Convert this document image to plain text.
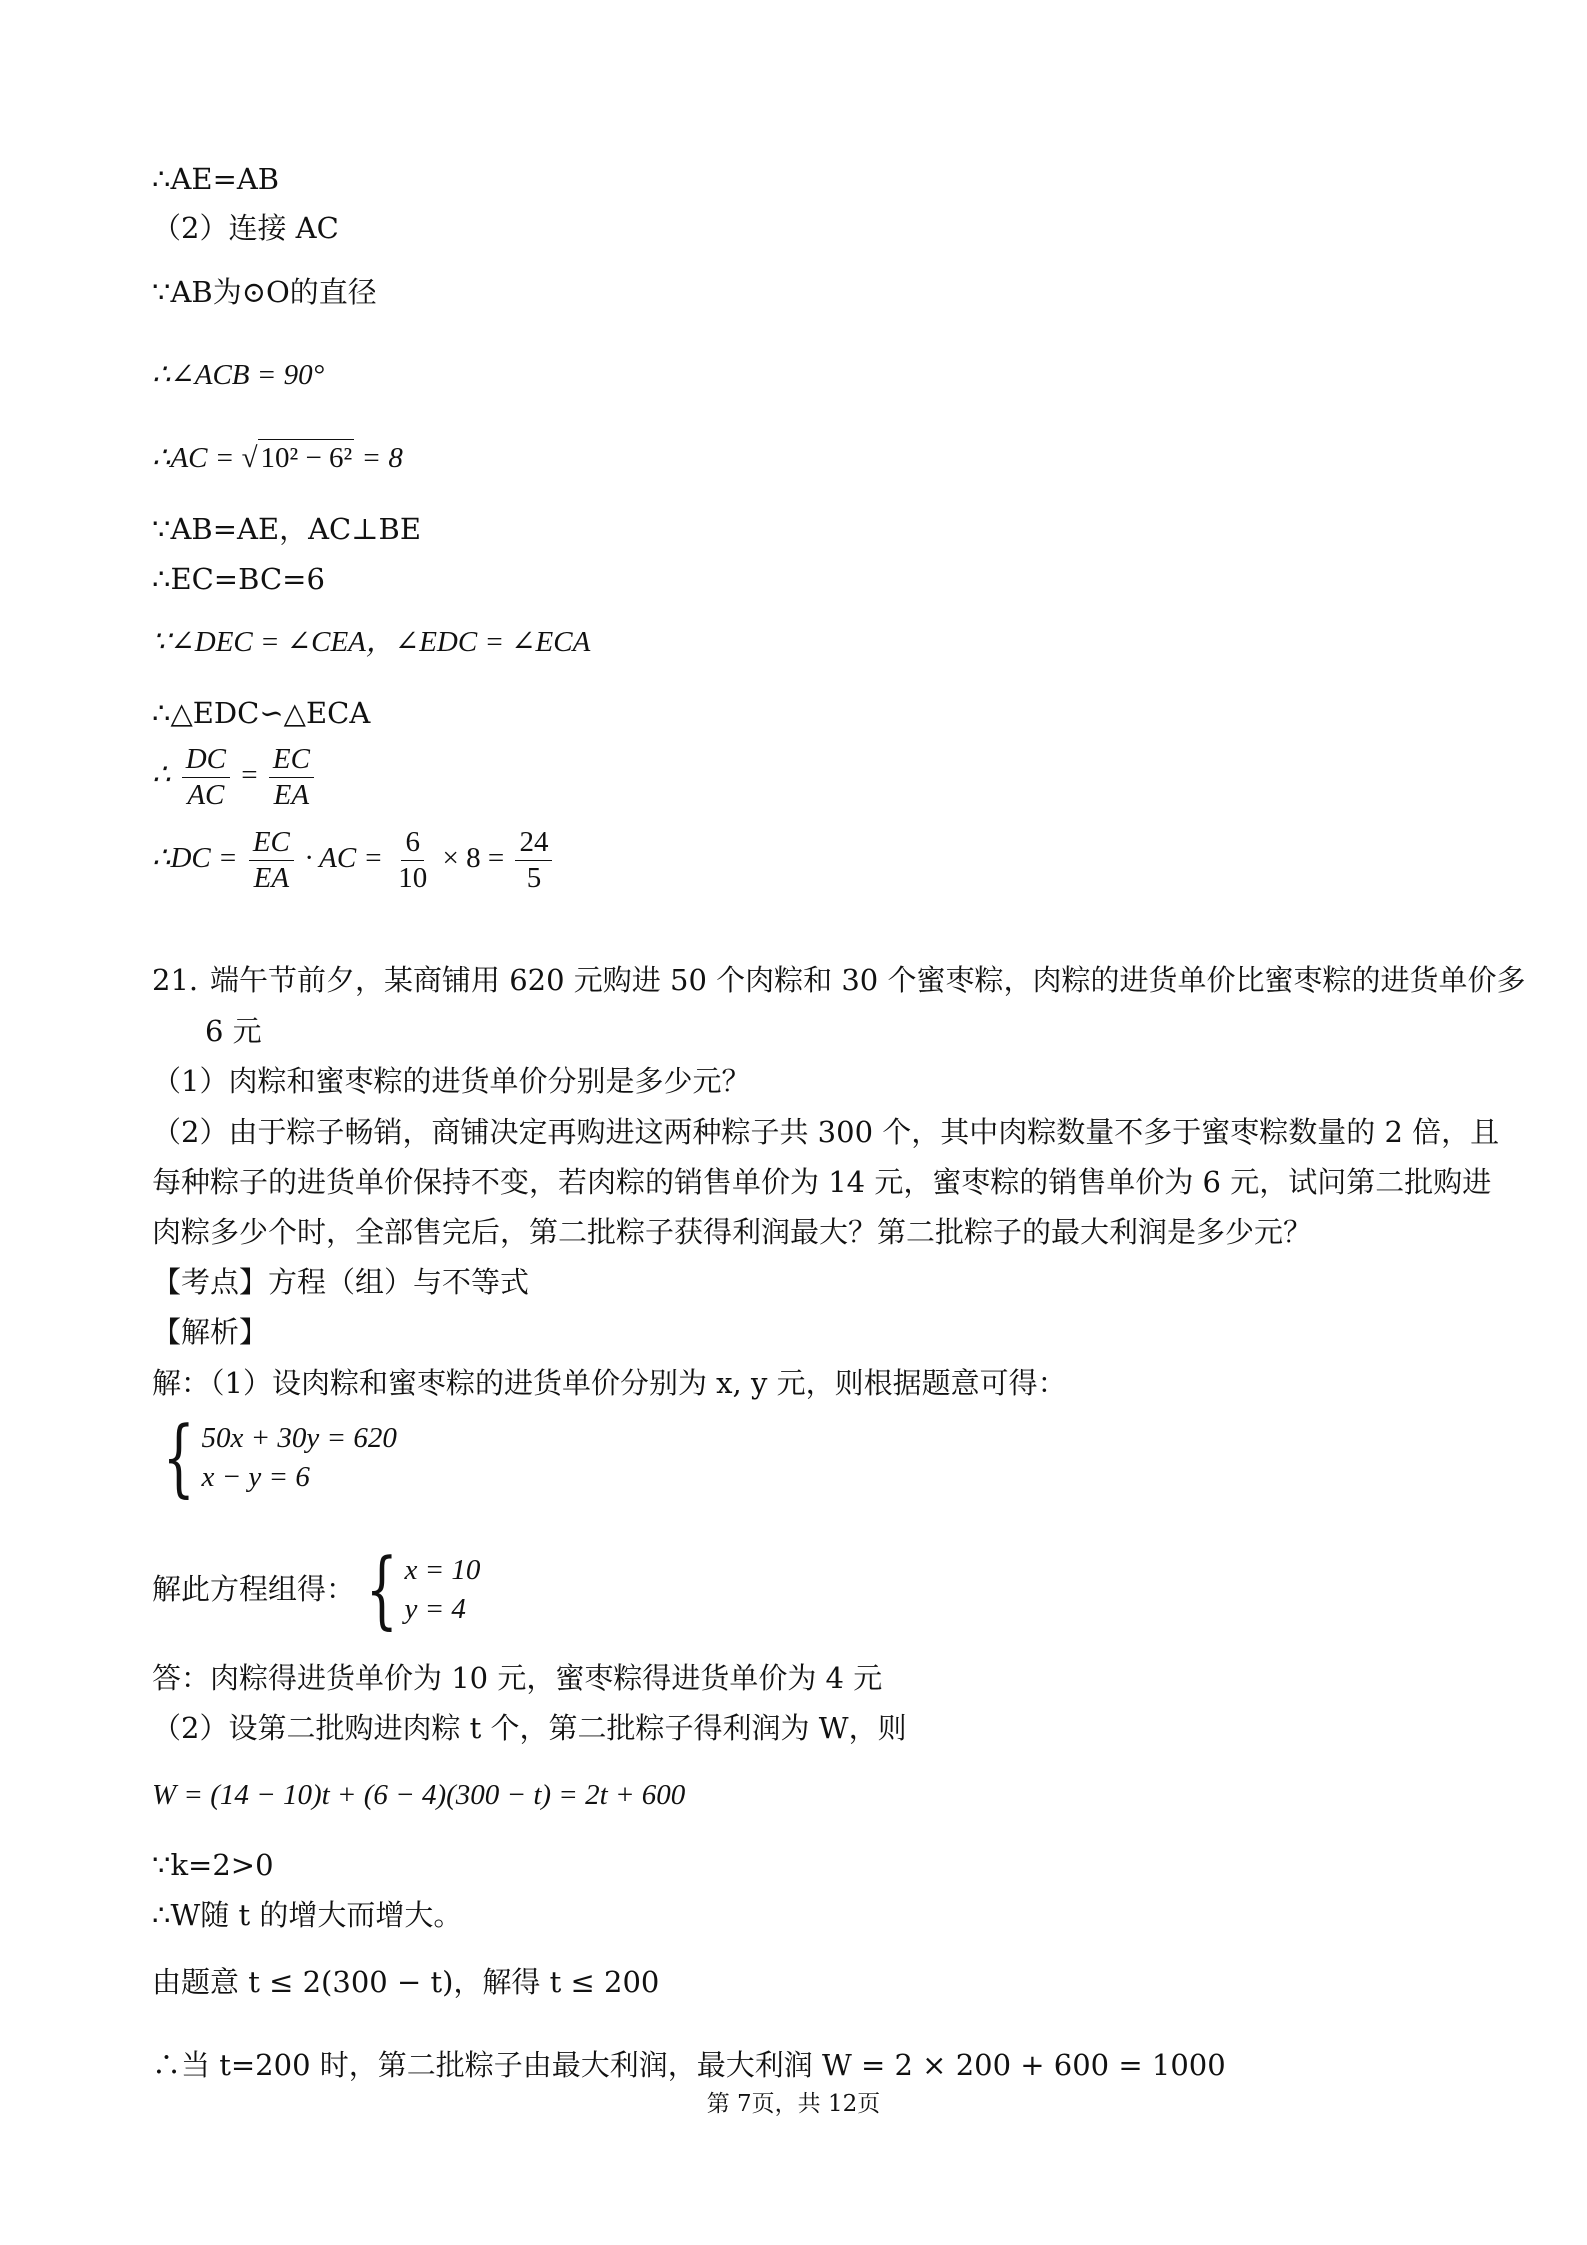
∴AE=AB
（2）连接 AC
∵AB为⊙O的直径
∴∠ACB = 90°
∴AC = √ 10² − 6² = 8
∵AB=AE，AC⊥BE
∴EC=BC=6
∵∠DEC = ∠CEA，∠EDC = ∠ECA
∴△EDC∽△ECA
∴ $\frac{DC}{AC} = \frac{EC}{EA}$
∴DC = $\frac{EC}{EA}$ · AC = $\frac{6}{10} \times 8 = \frac{24}{5}$
21. 端午节前夕，某商铺用 620 元购进 50 个肉粽和 30 个蜜枣粽，肉粽的进货单价比蜜枣粽的进货单价多
6 元
（1）肉粽和蜜枣粽的进货单价分别是多少元？
（2）由于粽子畅销，商铺决定再购进这两种粽子共 300 个，其中肉粽数量不多于蜜枣粽数量的 2 倍，且
每种粽子的进货单价保持不变，若肉粽的销售单价为 14 元，蜜枣粽的销售单价为 6 元，试问第二批购进
肉粽多少个时，全部售完后，第二批粽子获得利润最大？第二批粽子的最大利润是多少元？
【考点】方程（组）与不等式
【解析】
解：（1）设肉粽和蜜枣粽的进货单价分别为 x, y 元，则根据题意可得：
{ 50x + 30y = 620
x − y = 6
解此方程组得： { x = 10
y = 4
答：肉粽得进货单价为 10 元，蜜枣粽得进货单价为 4 元
（2）设第二批购进肉粽 t 个，第二批粽子得利润为 W，则
W = (14 − 10)t + (6 − 4)(300 − t) = 2t + 600
∵k=2>0
∴W随 t 的增大而增大。
由题意 t ≤ 2(300 − t)，解得 t ≤ 200
∴当 t=200 时，第二批粽子由最大利润，最大利润 W = 2 × 200 + 600 = 1000
第 7页，共 12页
